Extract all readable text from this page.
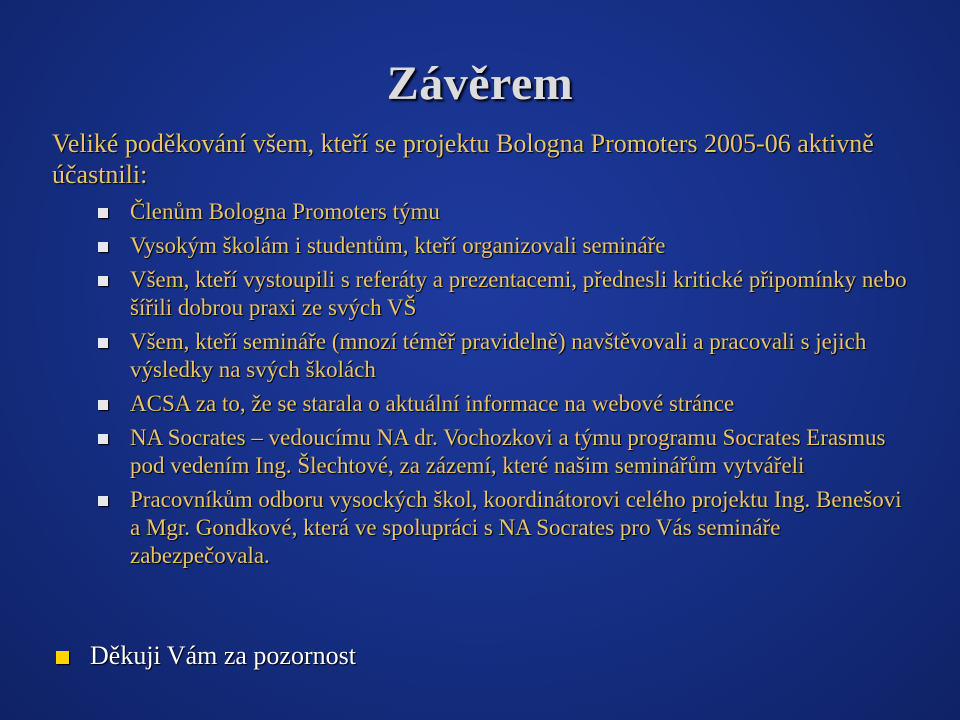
Závěrem
Veliké poděkování všem, kteří se projektu Bologna Promoters 2005-06 aktivně účastnili:
Členům Bologna Promoters týmu
Vysokým školám i studentům, kteří organizovali semináře
Všem, kteří vystoupili s referáty a prezentacemi, přednesli kritické připomínky nebo šířili dobrou praxi ze svých VŠ
Všem, kteří semináře (mnozí téměř pravidelně) navštěvovali a pracovali s jejich výsledky na svých školách
ACSA za to, že se starala o aktuální informace na webové stránce
NA Socrates – vedoucímu NA dr. Vochozkovi a týmu programu Socrates Erasmus pod vedením Ing. Šlechtové, za zázemí, které našim seminářům vytvářeli
Pracovníkům odboru vysockých škol, koordinátorovi celého projektu Ing. Benešovi a Mgr. Gondkové, která ve spolupráci s NA Socrates pro Vás semináře zabezpečovala.
Děkuji Vám za pozornost
